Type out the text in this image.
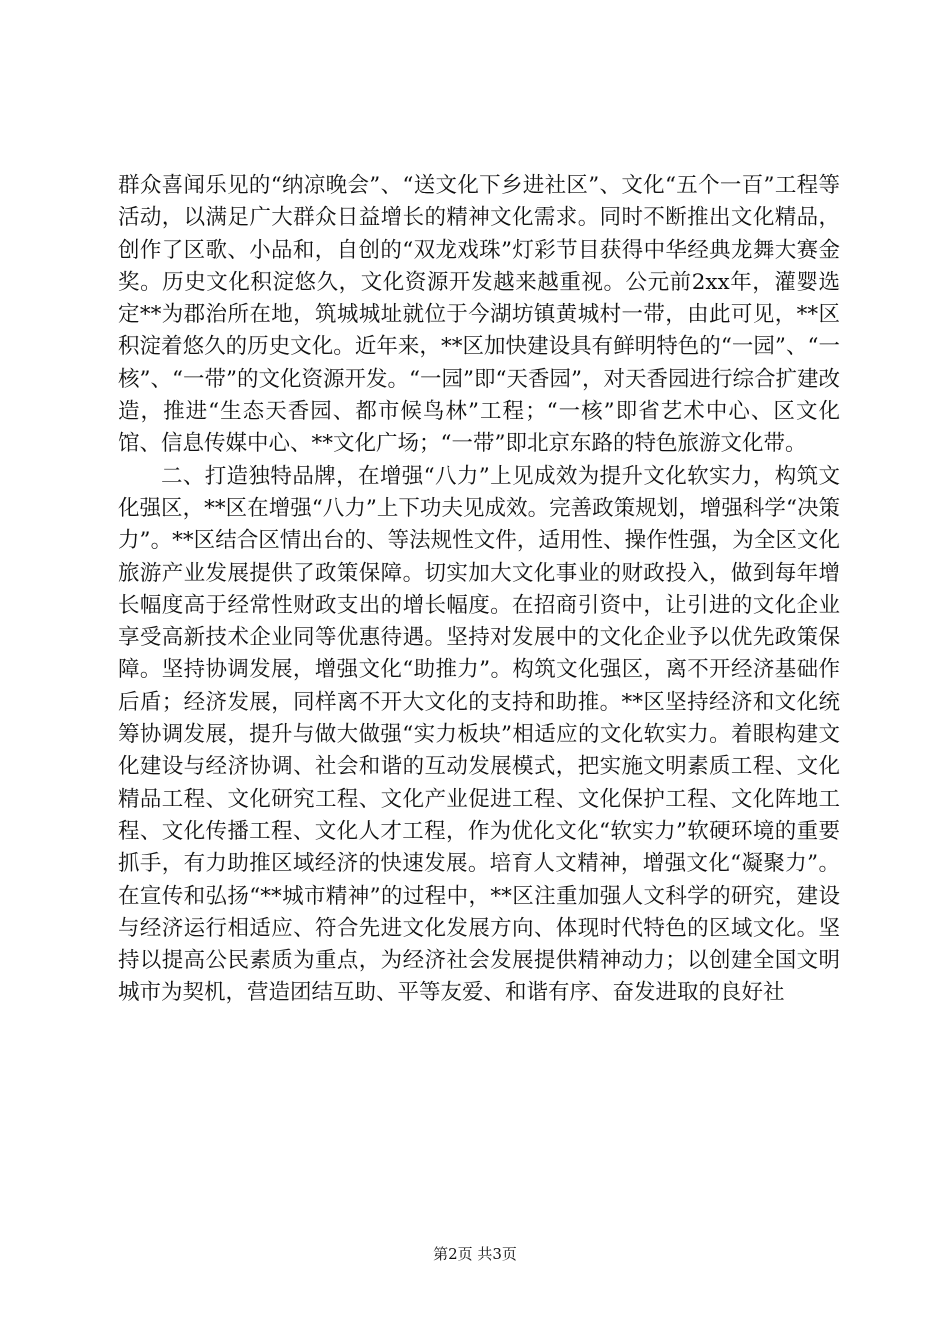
群众喜闻乐见的“纳凉晚会”、“送文化下乡进社区”、文化“五个一百”工程等活动，以满足广大群众日益增长的精神文化需求。同时不断推出文化精品，创作了区歌、小品和，自创的“双龙戏珠”灯彩节目获得中华经典龙舞大赛金奖。历史文化积淀悠久，文化资源开发越来越重视。公元前2xx年，灌婴选定**为郡治所在地，筑城城址就位于今湖坊镇黄城村一带，由此可见，**区积淀着悠久的历史文化。近年来，**区加快建设具有鲜明特色的“一园”、“一核”、“一带”的文化资源开发。“一园”即“天香园”，对天香园进行综合扩建改造，推进“生态天香园、都市候鸟林”工程；“一核”即省艺术中心、区文化馆、信息传媒中心、**文化广场；“一带”即北京东路的特色旅游文化带。

二、打造独特品牌，在增强“八力”上见成效为提升文化软实力，构筑文化强区，**区在增强“八力”上下功夫见成效。完善政策规划，增强科学“决策力”。**区结合区情出台的、等法规性文件，适用性、操作性强，为全区文化旅游产业发展提供了政策保障。切实加大文化事业的财政投入，做到每年增长幅度高于经常性财政支出的增长幅度。在招商引资中，让引进的文化企业享受高新技术企业同等优惠待遇。坚持对发展中的文化企业予以优先政策保障。坚持协调发展，增强文化“助推力”。构筑文化强区，离不开经济基础作后盾；经济发展，同样离不开大文化的支持和助推。**区坚持经济和文化统筹协调发展，提升与做大做强“实力板块”相适应的文化软实力。着眼构建文化建设与经济协调、社会和谐的互动发展模式，把实施文明素质工程、文化精品工程、文化研究工程、文化产业促进工程、文化保护工程、文化阵地工程、文化传播工程、文化人才工程，作为优化文化“软实力”软硬环境的重要抓手，有力助推区域经济的快速发展。培育人文精神，增强文化“凝聚力”。在宣传和弘扬“**城市精神”的过程中，**区注重加强人文科学的研究，建设与经济运行相适应、符合先进文化发展方向、体现时代特色的区域文化。坚持以提高公民素质为重点，为经济社会发展提供精神动力；以创建全国文明城市为契机，营造团结互助、平等友爱、和谐有序、奋发进取的良好社

第2页 共3页
